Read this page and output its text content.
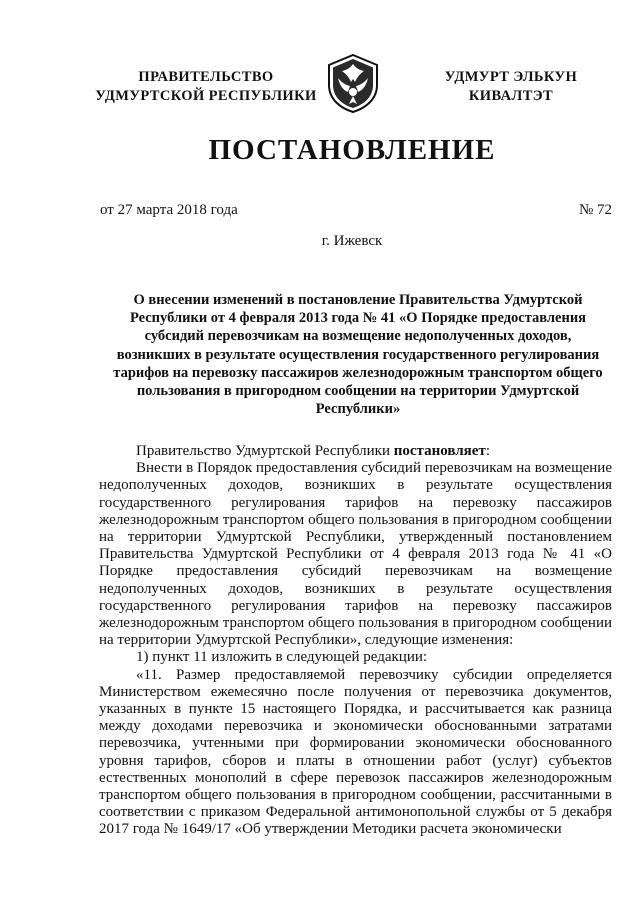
ПРАВИТЕЛЬСТВО
УДМУРТСКОЙ РЕСПУБЛИКИ
УДМУРТ ЭЛЬКУН
КИВАЛТЭТ
ПОСТАНОВЛЕНИЕ
от 27 марта 2018 года	№ 72
г. Ижевск
О внесении изменений в постановление Правительства Удмуртской Республики от 4 февраля 2013 года № 41 «О Порядке предоставления субсидий перевозчикам на возмещение недополученных доходов, возникших в результате осуществления государственного регулирования тарифов на перевозку пассажиров железнодорожным транспортом общего пользования в пригородном сообщении на территории Удмуртской Республики»

Правительство Удмуртской Республики постановляет:

Внести в Порядок предоставления субсидий перевозчикам на возмещение недополученных доходов, возникших в результате осуществления государственного регулирования тарифов на перевозку пассажиров железнодорожным транспортом общего пользования в пригородном сообщении на территории Удмуртской Республики, утвержденный постановлением Правительства Удмуртской Республики от 4 февраля 2013 года № 41 «О Порядке предоставления субсидий перевозчикам на возмещение недополученных доходов, возникших в результате осуществления государственного регулирования тарифов на перевозку пассажиров железнодорожным транспортом общего пользования в пригородном сообщении на территории Удмуртской Республики», следующие изменения:

1) пункт 11 изложить в следующей редакции:

«11. Размер предоставляемой перевозчику субсидии определяется Министерством ежемесячно после получения от перевозчика документов, указанных в пункте 15 настоящего Порядка, и рассчитывается как разница между доходами перевозчика и экономически обоснованными затратами перевозчика, учтенными при формировании экономически обоснованного уровня тарифов, сборов и платы в отношении работ (услуг) субъектов естественных монополий в сфере перевозок пассажиров железнодорожным транспортом общего пользования в пригородном сообщении, рассчитанными в соответствии с приказом Федеральной антимонопольной службы от 5 декабря 2017 года № 1649/17 «Об утверждении Методики расчета экономически
